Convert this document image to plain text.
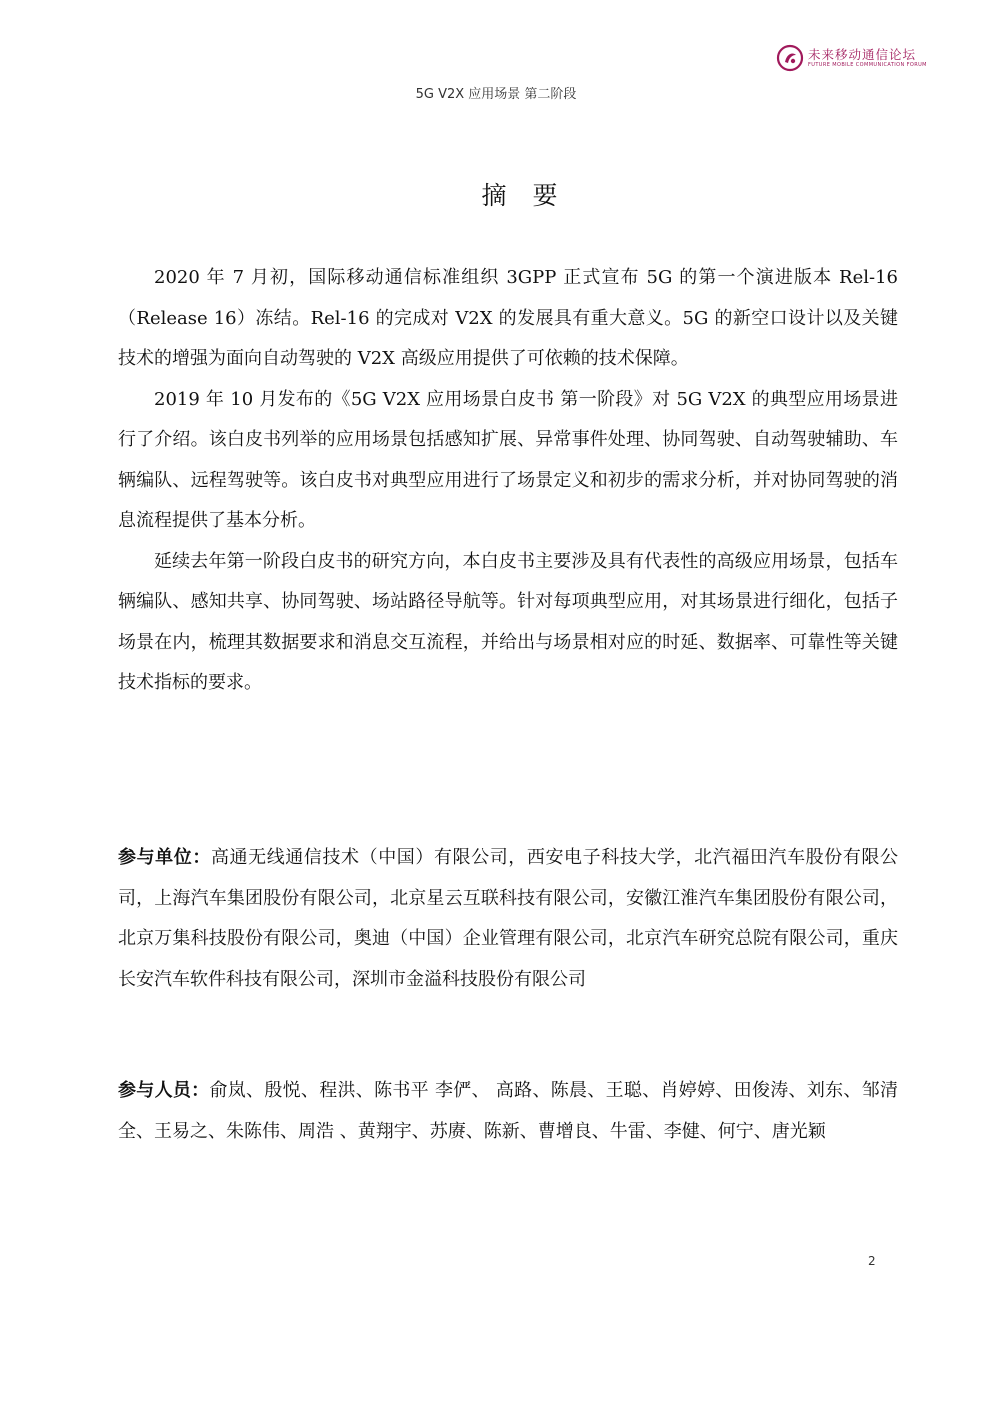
未来移动通信论坛
FUTURE MOBILE COMMUNICATION FORUM
5G V2X 应用场景 第二阶段
摘要

2020 年 7 月初，国际移动通信标准组织 3GPP 正式宣布 5G 的第一个演进版本 Rel-16（Release 16）冻结。Rel-16 的完成对 V2X 的发展具有重大意义。5G 的新空口设计以及关键技术的增强为面向自动驾驶的 V2X 高级应用提供了可依赖的技术保障。

2019 年 10 月发布的《5G V2X 应用场景白皮书 第一阶段》对 5G V2X 的典型应用场景进行了介绍。该白皮书列举的应用场景包括感知扩展、异常事件处理、协同驾驶、自动驾驶辅助、车辆编队、远程驾驶等。该白皮书对典型应用进行了场景定义和初步的需求分析，并对协同驾驶的消息流程提供了基本分析。

延续去年第一阶段白皮书的研究方向，本白皮书主要涉及具有代表性的高级应用场景，包括车辆编队、感知共享、协同驾驶、场站路径导航等。针对每项典型应用，对其场景进行细化，包括子场景在内，梳理其数据要求和消息交互流程，并给出与场景相对应的时延、数据率、可靠性等关键技术指标的要求。

参与单位：高通无线通信技术（中国）有限公司，西安电子科技大学，北汽福田汽车股份有限公司，上海汽车集团股份有限公司，北京星云互联科技有限公司，安徽江淮汽车集团股份有限公司，北京万集科技股份有限公司，奥迪（中国）企业管理有限公司，北京汽车研究总院有限公司，重庆长安汽车软件科技有限公司，深圳市金溢科技股份有限公司

参与人员：俞岚、殷悦、程洪、陈书平 李俨、 高路、陈晨、王聪、肖婷婷、田俊涛、刘东、邹清全、王易之、朱陈伟、周浩 、黄翔宇、苏赓、陈新、曹增良、牛雷、李健、何宁、唐光颖

2
